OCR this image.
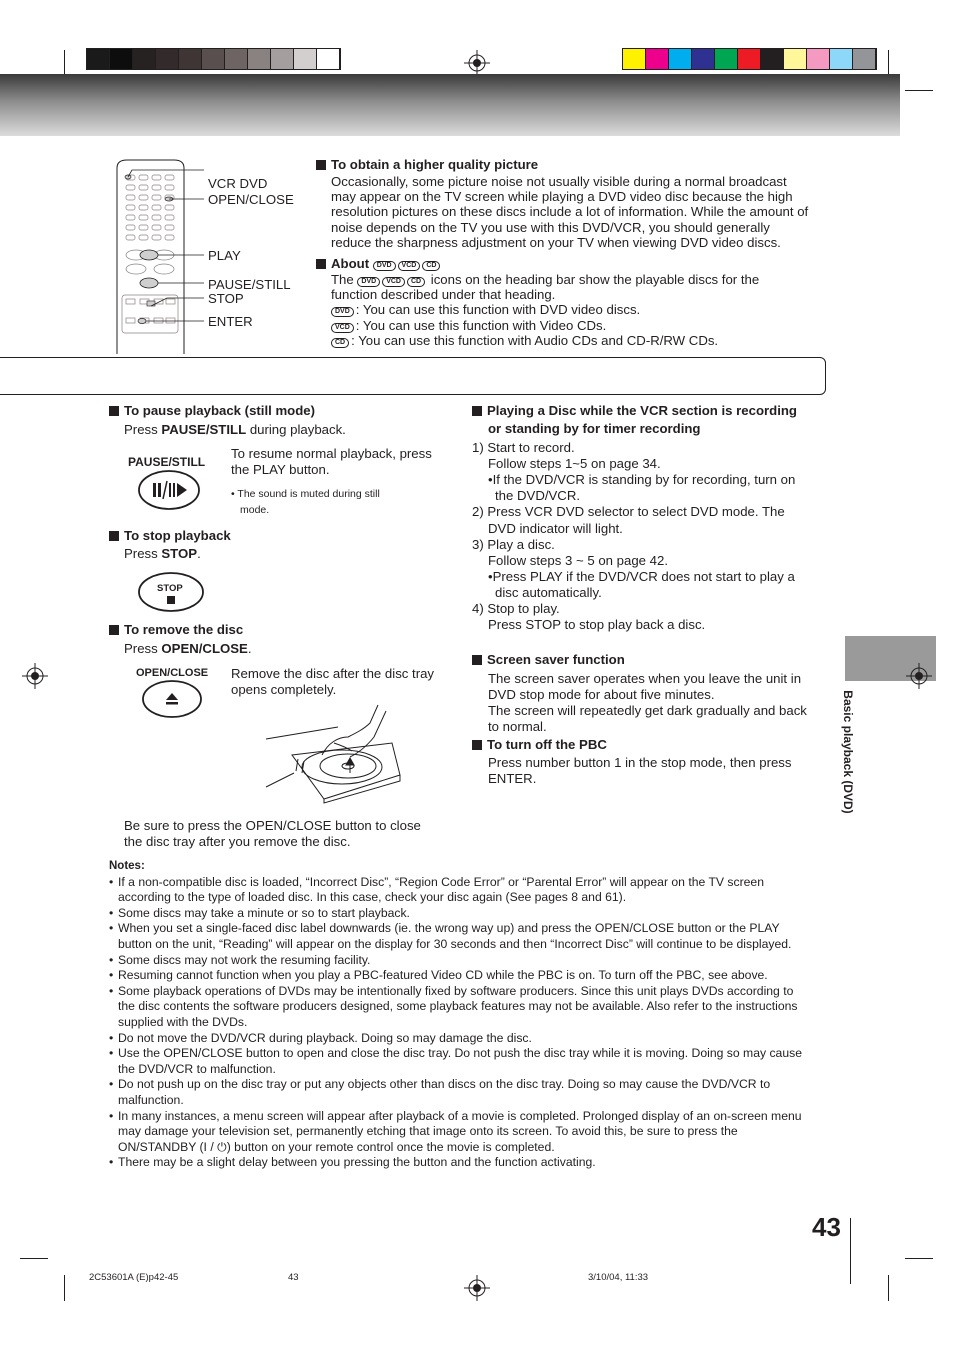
VCR DVD
OPEN/CLOSE
PLAY
PAUSE/STILL
STOP
ENTER
To obtain a higher quality picture
Occasionally, some picture noise not usually visible during a normal broadcast
may appear on the TV screen while playing a DVD video disc because the high
resolution pictures on these discs include a lot of information. While the amount of
noise depends on the TV you use with this DVD/VCR, you should generally
reduce the sharpness adjustment on your TV when viewing DVD video discs.
About DVD VCD CD
The DVD VCD CD icons on the heading bar show the playable discs for the
function described under that heading.
DVD : You can use this function with DVD video discs.
VCD : You can use this function with Video CDs.
CD : You can use this function with Audio CDs and CD-R/RW CDs.
To pause playback (still mode)
Press PAUSE/STILL during playback.
PAUSE/STILL
To resume normal playback, press
the PLAY button.
• The sound is muted during still
mode.
To stop playback
Press STOP.
STOP
To remove the disc
Press OPEN/CLOSE.
OPEN/CLOSE Remove the disc after the disc tray
opens completely.
Be sure to press the OPEN/CLOSE button to close
the disc tray after you remove the disc.
Playing a Disc while the VCR section is recording
or standing by for timer recording
1) Start to record.
Follow steps 1~5 on page 34.
•If the DVD/VCR is standing by for recording, turn on
the DVD/VCR.
2) Press VCR DVD selector to select DVD mode. The
DVD indicator will light.
3) Play a disc.
Follow steps 3 ~ 5 on page 42.
•Press PLAY if the DVD/VCR does not start to play a
disc automatically.
4) Stop to play.
Press STOP to stop play back a disc.
Screen saver function
The screen saver operates when you leave the unit in
DVD stop mode for about five minutes.
The screen will repeatedly get dark gradually and back
to normal.
To turn off the PBC
Press number button 1 in the stop mode, then press
ENTER.	Basic playback (DVD)
Notes:
• If a non-compatible disc is loaded, “Incorrect Disc”, “Region Code Error” or “Parental Error” will appear on the TV screen according to the type of loaded disc. In this case, check your disc again (See pages 8 and 61).
• Some discs may take a minute or so to start playback.
• When you set a single-faced disc label downwards (ie. the wrong way up) and press the OPEN/CLOSE button or the PLAY button on the unit, “Reading” will appear on the display for 30 seconds and then “Incorrect Disc” will continue to be displayed.
• Some discs may not work the resuming facility.
• Resuming cannot function when you play a PBC-featured Video CD while the PBC is on. To turn off the PBC, see above.
• Some playback operations of DVDs may be intentionally fixed by software producers. Since this unit plays DVDs according to the disc contents the software producers designed, some playback features may not be available. Also refer to the instructions supplied with the DVDs.
• Do not move the DVD/VCR during playback. Doing so may damage the disc.
• Use the OPEN/CLOSE button to open and close the disc tray. Do not push the disc tray while it is moving. Doing so may cause the DVD/VCR to malfunction.
• Do not push up on the disc tray or put any objects other than discs on the disc tray. Doing so may cause the DVD/VCR to malfunction.
• In many instances, a menu screen will appear after playback of a movie is completed. Prolonged display of an on-screen menu may damage your television set, permanently etching that image onto its screen. To avoid this, be sure to press the ON/STANDBY (I / ⏻) button on your remote control once the movie is completed.
• There may be a slight delay between you pressing the button and the function activating.
43
2C53601A (E)p42-45	43	3/10/04, 11:33
